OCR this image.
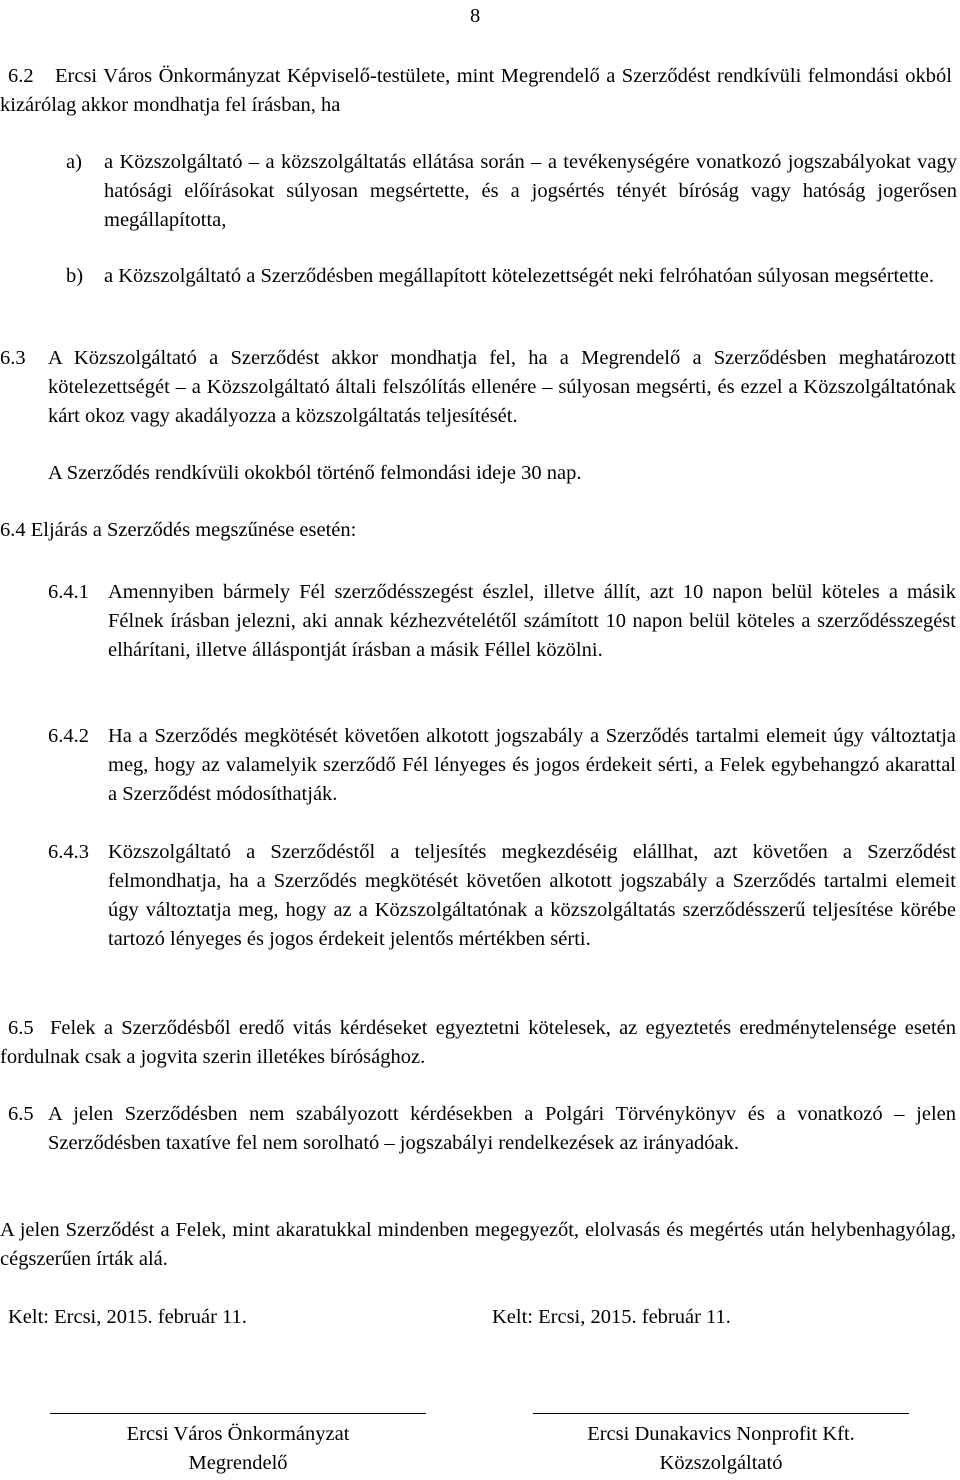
8
6.2	Ercsi Város Önkormányzat Képviselő-testülete, mint Megrendelő a Szerződést rendkívüli felmondási okból kizárólag akkor mondhatja fel írásban, ha
a) a Közszolgáltató – a közszolgáltatás ellátása során – a tevékenységére vonatkozó jogszabályokat vagy hatósági előírásokat súlyosan megsértette, és a jogsértés tényét bíróság vagy hatóság jogerősen megállapította,
b) a Közszolgáltató a Szerződésben megállapított kötelezettségét neki felróhatóan súlyosan megsértette.
6.3 A Közszolgáltató a Szerződést akkor mondhatja fel, ha a Megrendelő a Szerződésben meghatározott kötelezettségét – a Közszolgáltató általi felszólítás ellenére – súlyosan megsérti, és ezzel a Közszolgáltatónak kárt okoz vagy akadályozza a közszolgáltatás teljesítését.
A Szerződés rendkívüli okokból történő felmondási ideje 30 nap.
6.4 Eljárás a Szerződés megszűnése esetén:
6.4.1 Amennyiben bármely Fél szerződésszegést észlel, illetve állít, azt 10 napon belül köteles a másik Félnek írásban jelezni, aki annak kézhezvételétől számított 10 napon belül köteles a szerződésszegést elhárítani, illetve álláspontját írásban a másik Féllel közölni.
6.4.2 Ha a Szerződés megkötését követően alkotott jogszabály a Szerződés tartalmi elemeit úgy változtatja meg, hogy az valamelyik szerződő Fél lényeges és jogos érdekeit sérti, a Felek egybehangzó akarattal a Szerződést módosíthatják.
6.4.3 Közszolgáltató a Szerződéstől a teljesítés megkezdéséig elállhat, azt követően a Szerződést felmondhatja, ha a Szerződés megkötését követően alkotott jogszabály a Szerződés tartalmi elemeit úgy változtatja meg, hogy az a Közszolgáltatónak a közszolgáltatás szerződésszerű teljesítése körébe tartozó lényeges és jogos érdekeit jelentős mértékben sérti.
6.5 Felek a Szerződésből eredő vitás kérdéseket egyeztetni kötelesek, az egyeztetés eredménytelensége esetén fordulnak csak a jogvita szerin illetékes bírósághoz.
6.5 A jelen Szerződésben nem szabályozott kérdésekben a Polgári Törvénykönyv és a vonatkozó – jelen Szerződésben taxatíve fel nem sorolható – jogszabályi rendelkezések az irányadóak.
A jelen Szerződést a Felek, mint akaratukkal mindenben megegyezőt, elolvasás és megértés után helybenhagyólag, cégszerűen írták alá.
Kelt: Ercsi, 2015. február 11.	Kelt: Ercsi, 2015. február 11.
Ercsi Város Önkormányzat
Megrendelő
Ercsi Dunakavics Nonprofit Kft.
Közszolgáltató
